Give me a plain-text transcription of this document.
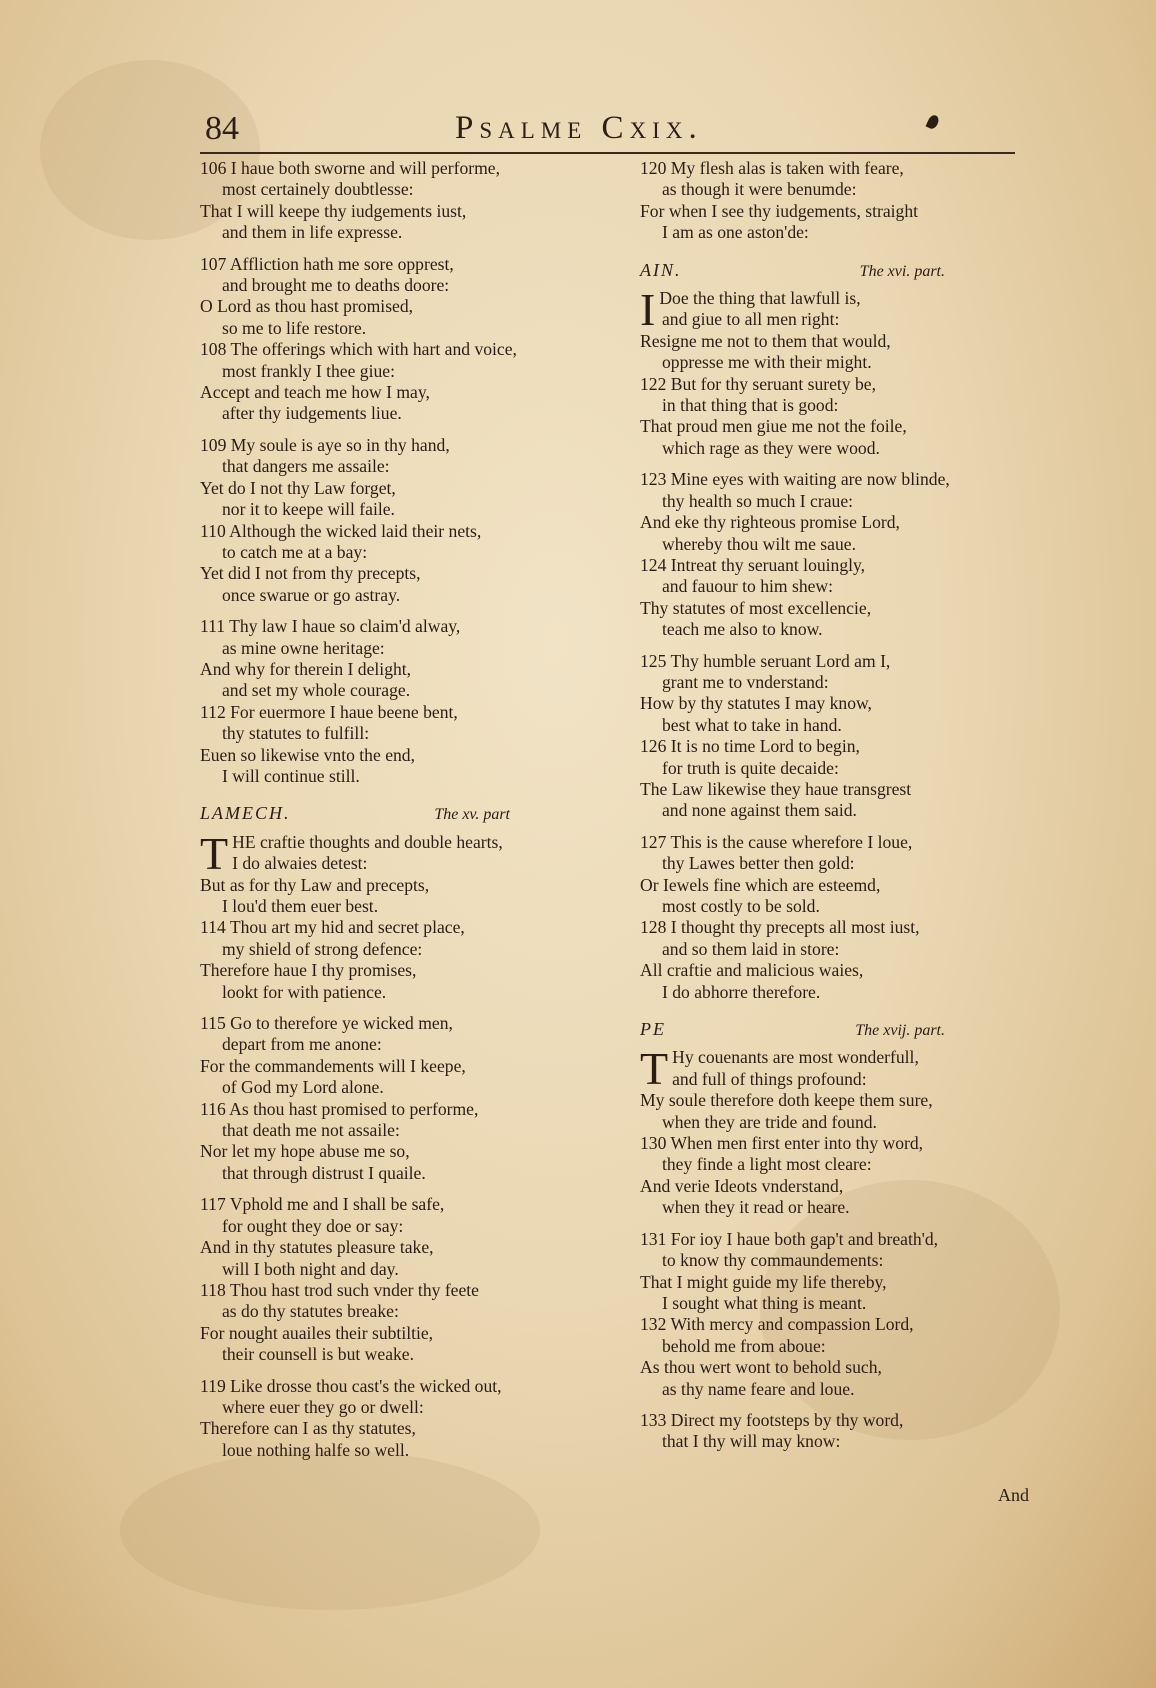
84	Psalme Cxix.
106 I haue both sworne and will performe,
most certainely doubtlesse:
That I will keepe thy iudgements iust,
and them in life expresse.
107 Affliction hath me sore opprest,
and brought me to deaths doore:
O Lord as thou hast promised,
so me to life restore.
108 The offerings which with hart and voice,
most frankly I thee giue:
Accept and teach me how I may,
after thy iudgements liue.
109 My soule is aye so in thy hand,
that dangers me assaile:
Yet do I not thy Law forget,
nor it to keepe will faile.
110 Although the wicked laid their nets,
to catch me at a bay:
Yet did I not from thy precepts,
once swarue or go astray.
111 Thy law I haue so claim'd alway,
as mine owne heritage:
And why for therein I delight,
and set my whole courage.
112 For euermore I haue beene bent,
thy statutes to fulfill:
Euen so likewise vnto the end,
I will continue still.
LAMECH.	The xv. part
THE craftie thoughts and double hearts,
I do alwaies detest:
But as for thy Law and precepts,
I lou'd them euer best.
114 Thou art my hid and secret place,
my shield of strong defence:
Therefore haue I thy promises,
lookt for with patience.
115 Go to therefore ye wicked men,
depart from me anone:
For the commandements will I keepe,
of God my Lord alone.
116 As thou hast promised to performe,
that death me not assaile:
Nor let my hope abuse me so,
that through distrust I quaile.
117 Vphold me and I shall be safe,
for ought they doe or say:
And in thy statutes pleasure take,
will I both night and day.
118 Thou hast trod such vnder thy feete
as do thy statutes breake:
For nought auailes their subtiltie,
their counsell is but weake.
119 Like drosse thou cast's the wicked out,
where euer they go or dwell:
Therefore can I as thy statutes,
loue nothing halfe so well.
120 My flesh alas is taken with feare,
as though it were benumde:
For when I see thy iudgements, straight
I am as one aston'de:
AIN.	The xvi. part.
I Doe the thing that lawfull is,
and giue to all men right:
Resigne me not to them that would,
oppresse me with their might.
122 But for thy seruant surety be,
in that thing that is good:
That proud men giue me not the foile,
which rage as they were wood.
123 Mine eyes with waiting are now blinde,
thy health so much I craue:
And eke thy righteous promise Lord,
whereby thou wilt me saue.
124 Intreat thy seruant louingly,
and fauour to him shew:
Thy statutes of most excellencie,
teach me also to know.
125 Thy humble seruant Lord am I,
grant me to vnderstand:
How by thy statutes I may know,
best what to take in hand.
126 It is no time Lord to begin,
for truth is quite decaide:
The Law likewise they haue transgrest
and none against them said.
127 This is the cause wherefore I loue,
thy Lawes better then gold:
Or Iewels fine which are esteemd,
most costly to be sold.
128 I thought thy precepts all most iust,
and so them laid in store:
All craftie and malicious waies,
I do abhorre therefore.
PE	The xvij. part.
T Hy couenants are most wonderfull,
and full of things profound:
My soule therefore doth keepe them sure,
when they are tride and found.
130 When men first enter into thy word,
they finde a light most cleare:
And verie Ideots vnderstand,
when they it read or heare.
131 For ioy I haue both gap't and breath'd,
to know thy commaundements:
That I might guide my life thereby,
I sought what thing is meant.
132 With mercy and compassion Lord,
behold me from aboue:
As thou wert wont to behold such,
as thy name feare and loue.
133 Direct my footsteps by thy word,
that I thy will may know:
And
